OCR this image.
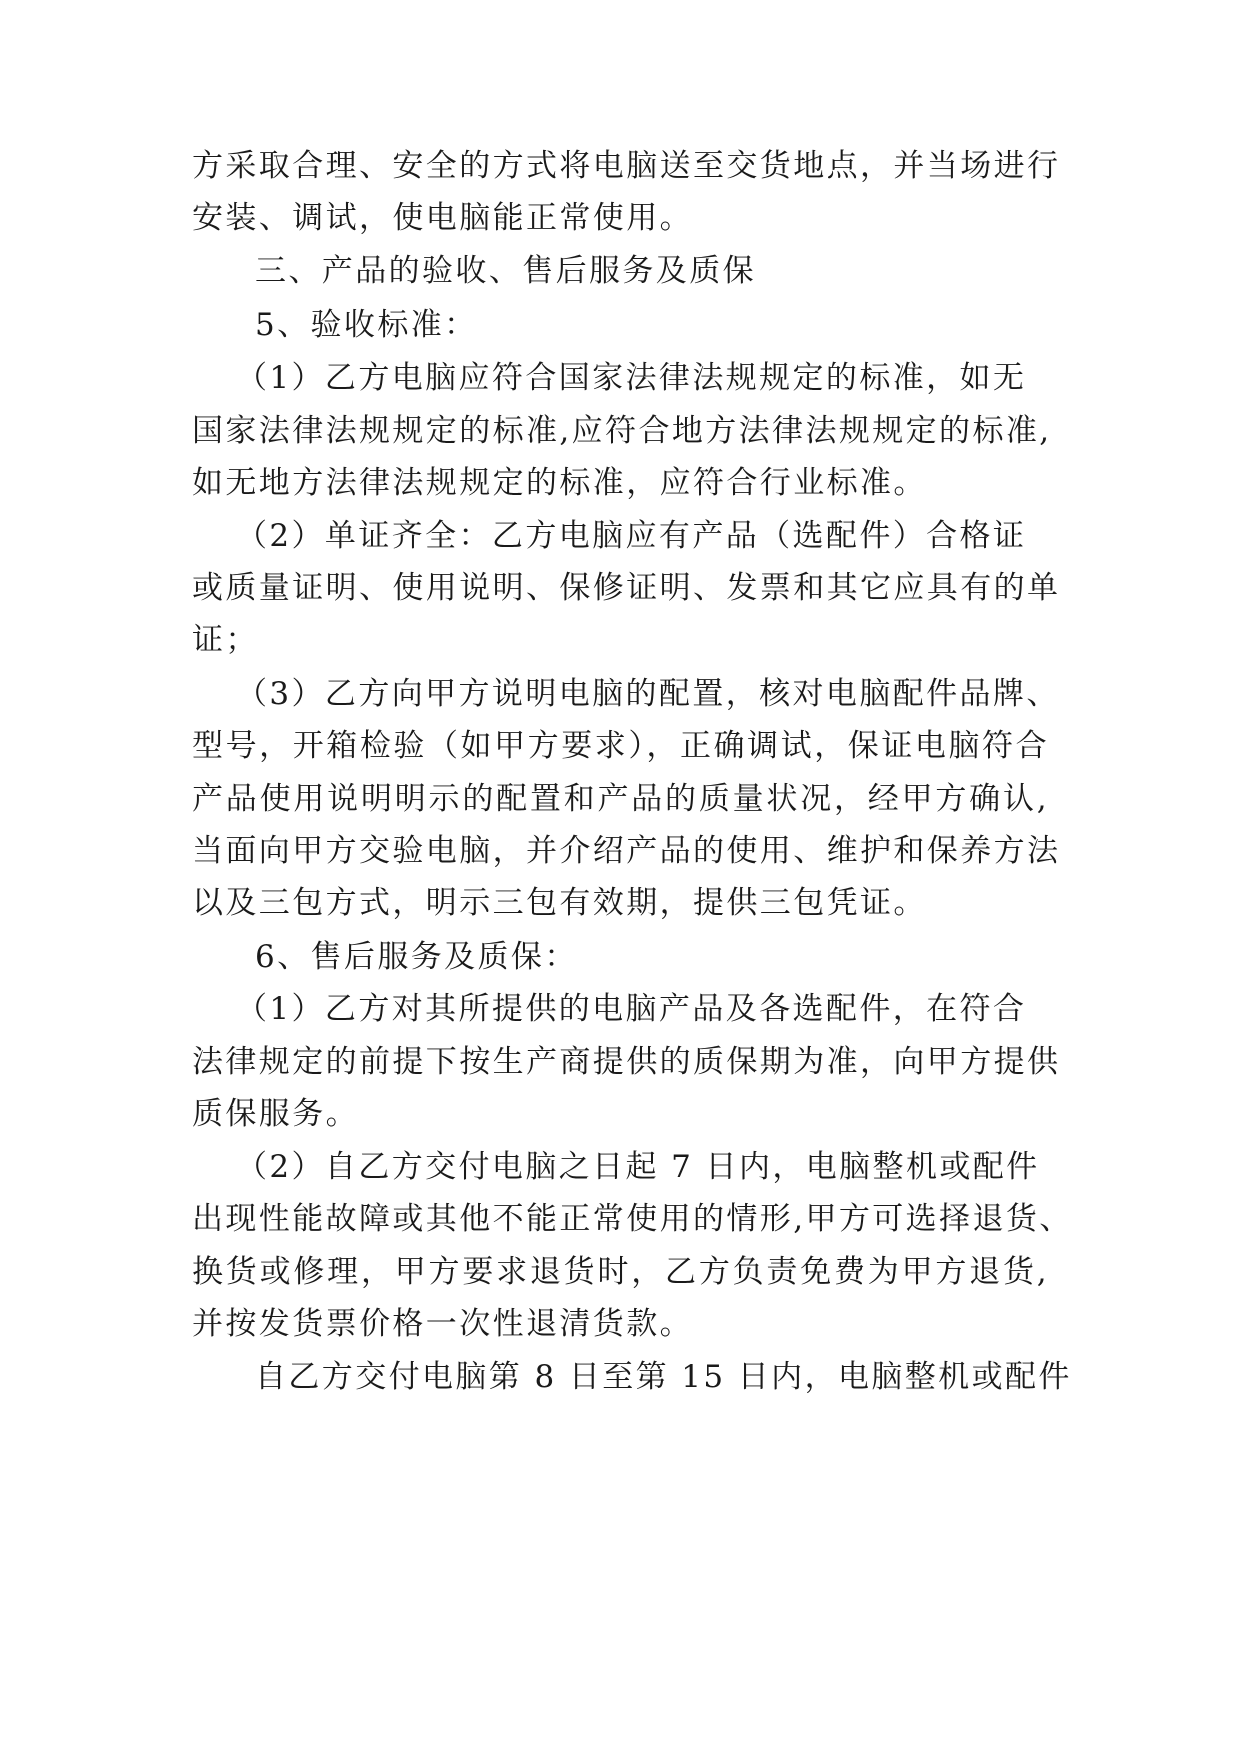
方采取合理、安全的方式将电脑送至交货地点，并当场进行
安装、调试，使电脑能正常使用。
三、产品的验收、售后服务及质保
5、验收标准：
（1）乙方电脑应符合国家法律法规规定的标准，如无
国家法律法规规定的标准,应符合地方法律法规规定的标准,
如无地方法律法规规定的标准，应符合行业标准。
（2）单证齐全：乙方电脑应有产品（选配件）合格证
或质量证明、使用说明、保修证明、发票和其它应具有的单
证；
（3）乙方向甲方说明电脑的配置，核对电脑配件品牌、
型号，开箱检验（如甲方要求），正确调试，保证电脑符合
产品使用说明明示的配置和产品的质量状况，经甲方确认,
当面向甲方交验电脑，并介绍产品的使用、维护和保养方法
以及三包方式，明示三包有效期，提供三包凭证。
6、售后服务及质保：
（1）乙方对其所提供的电脑产品及各选配件，在符合
法律规定的前提下按生产商提供的质保期为准，向甲方提供
质保服务。
（2）自乙方交付电脑之日起 7 日内，电脑整机或配件
出现性能故障或其他不能正常使用的情形,甲方可选择退货、
换货或修理，甲方要求退货时，乙方负责免费为甲方退货,
并按发货票价格一次性退清货款。
自乙方交付电脑第 8 日至第 15 日内，电脑整机或配件
